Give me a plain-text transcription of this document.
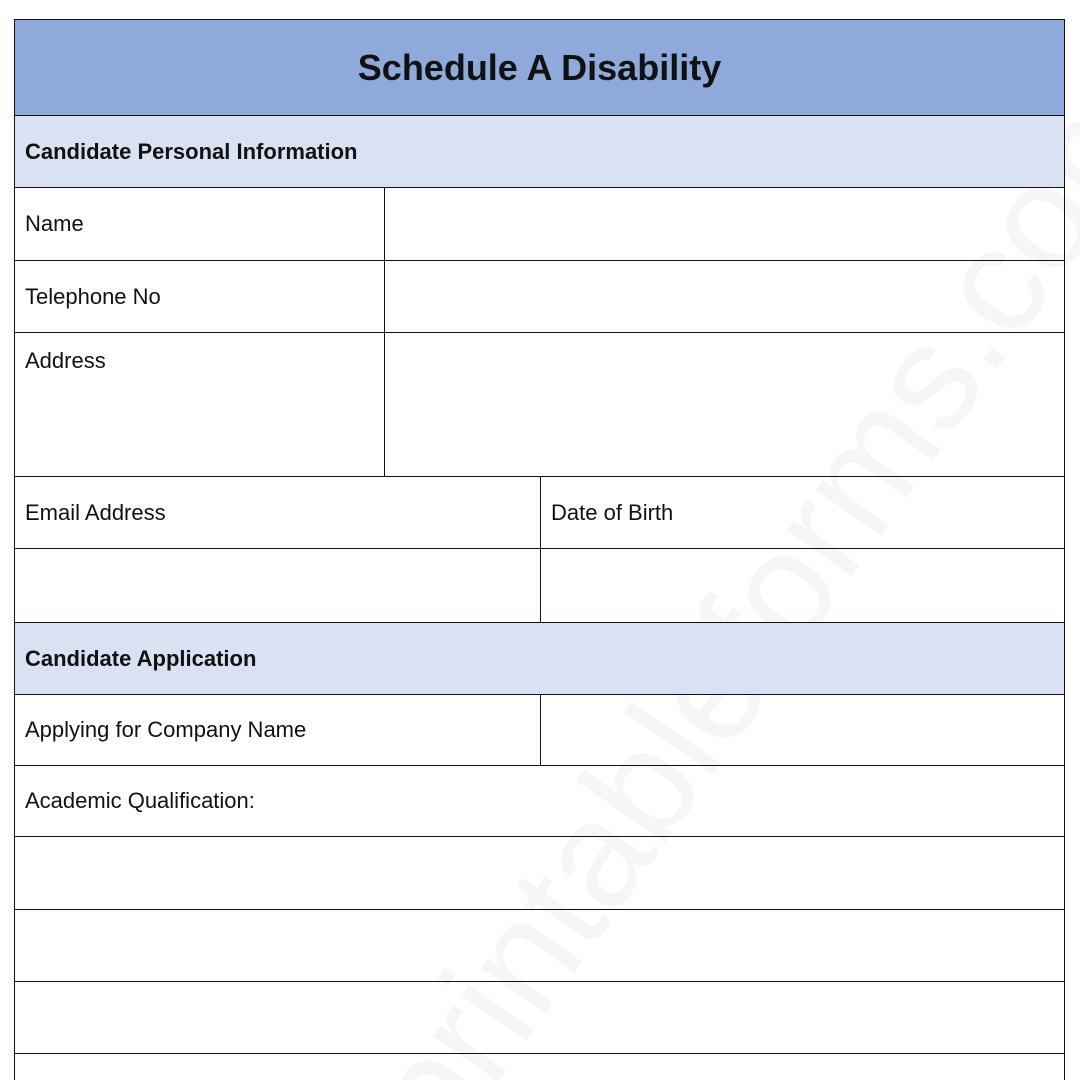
Schedule A Disability
Candidate Personal Information
Name
Telephone No
Address
Email Address	Date of Birth
Candidate Application
Applying for Company Name
Academic Qualification:
